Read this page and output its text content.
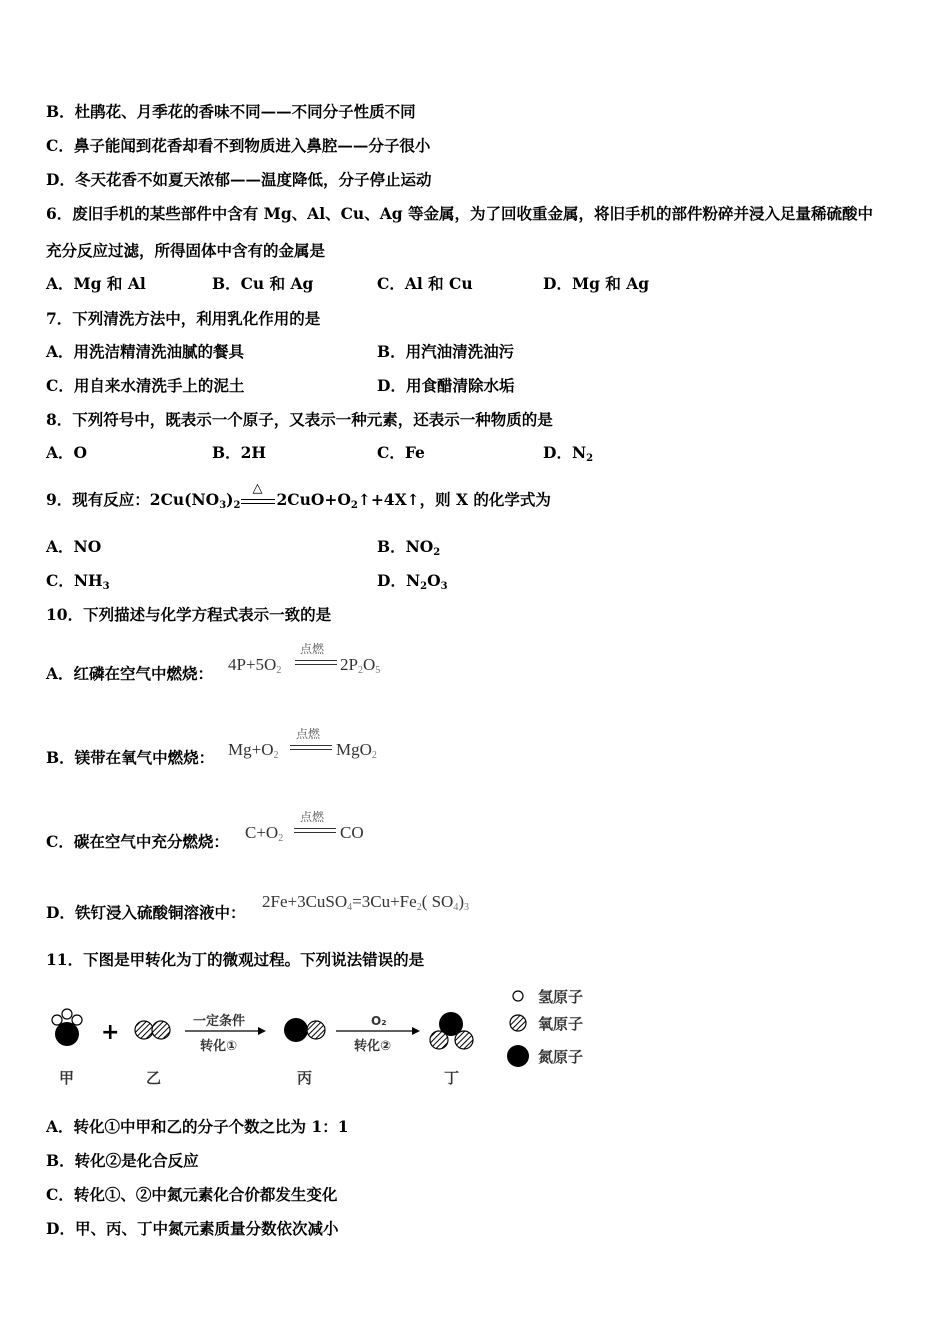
B．杜鹃花、月季花的香味不同——不同分子性质不同
C．鼻子能闻到花香却看不到物质进入鼻腔——分子很小
D．冬天花香不如夏天浓郁——温度降低，分子停止运动
6．废旧手机的某些部件中含有 Mg、Al、Cu、Ag 等金属，为了回收重金属，将旧手机的部件粉碎并浸入足量稀硫酸中
充分反应过滤，所得固体中含有的金属是
A．Mg 和 Al	B．Cu 和 Ag	C．Al 和 Cu	D．Mg 和 Ag
7．下列清洗方法中，利用乳化作用的是
A．用洗洁精清洗油腻的餐具	B．用汽油清洗油污
C．用自来水清洗手上的泥土	D．用食醋清除水垢
8．下列符号中，既表示一个原子，又表示一种元素，还表示一种物质的是
A．O	B．2H	C．Fe	D．$N_2$
9．现有反应：$2Cu(NO_3)_2$
△
$2CuO+O_2↑+4X↑$，则 X 的化学式为
A．NO	B．$NO_2$
C．$NH_3$	D．$N_2O_3$
10．下列描述与化学方程式表示一致的是
A．红磷在空气中燃烧： $4P+5O_2$
点燃
$2P_2O_5$
B．镁带在氧气中燃烧： $Mg+O_2$
点燃
MgO$_2$
C．碳在空气中充分燃烧： $C+O_2$
点燃
CO
D．铁钉浸入硫酸铜溶液中：
$2Fe+3CuSO_4=3Cu+Fe_2$( $SO_4)_3$
11．下图是甲转化为丁的微观过程。下列说法错误的是
+	一定条件
转化①
O₂
转化②
甲	乙	丙	丁
氢原子
氧原子
氮原子
A．转化①中甲和乙的分子个数之比为 1：1
B．转化②是化合反应
C．转化①、②中氮元素化合价都发生变化
D．甲、丙、丁中氮元素质量分数依次减小
